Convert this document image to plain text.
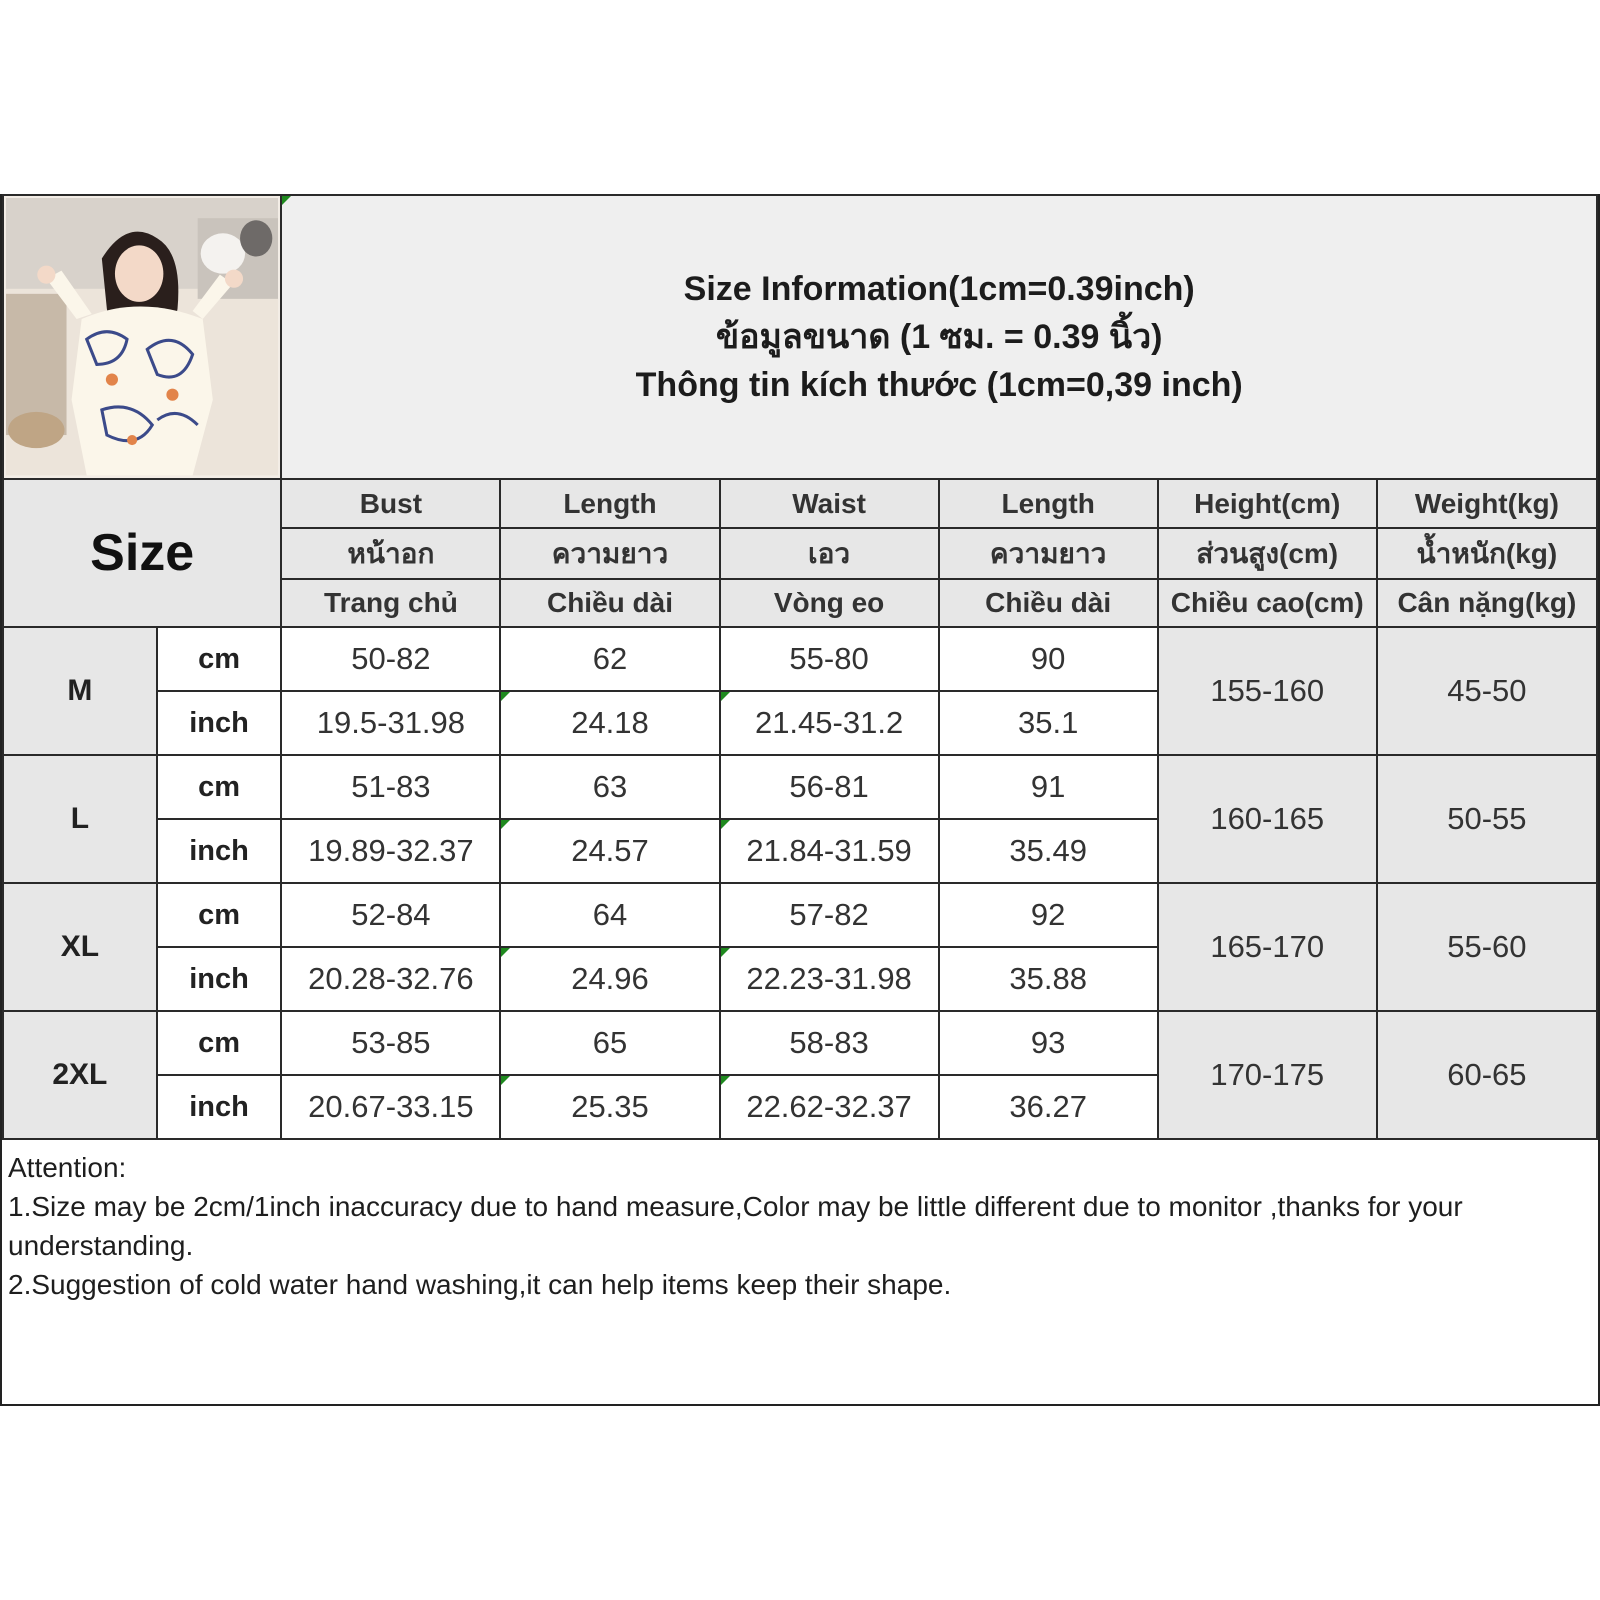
Size Information(1cm=0.39inch)
ข้อมูลขนาด (1 ซม. = 0.39 นิ้ว)
Thông tin kích thước (1cm=0,39 inch)					

Size		Bust	Length	Waist	Length	Height(cm)	Weight(kg)
		หน้าอก	ความยาว	เอว	ความยาว	ส่วนสูง(cm)	น้ำหนัก(kg)
		Trang chủ	Chiều dài	Vòng eo	Chiều dài	Chiều cao(cm)	Cân nặng(kg)
M	cm	50-82	62	55-80	90	155-160	45-50
	inch	19.5-31.98	24.18	21.45-31.2	35.1		
L	cm	51-83	63	56-81	91	160-165	50-55
	inch	19.89-32.37	24.57	21.84-31.59	35.49		
XL	cm	52-84	64	57-82	92	165-170	55-60
	inch	20.28-32.76	24.96	22.23-31.98	35.88		
2XL	cm	53-85	65	58-83	93	170-175	60-65
	inch	20.67-33.15	25.35	22.62-32.37	36.27		
Attention:
1.Size may be 2cm/1inch inaccuracy due to hand measure,Color may be little different due to monitor ,thanks for your understanding.
2.Suggestion of cold water hand washing,it can help items keep their shape.
